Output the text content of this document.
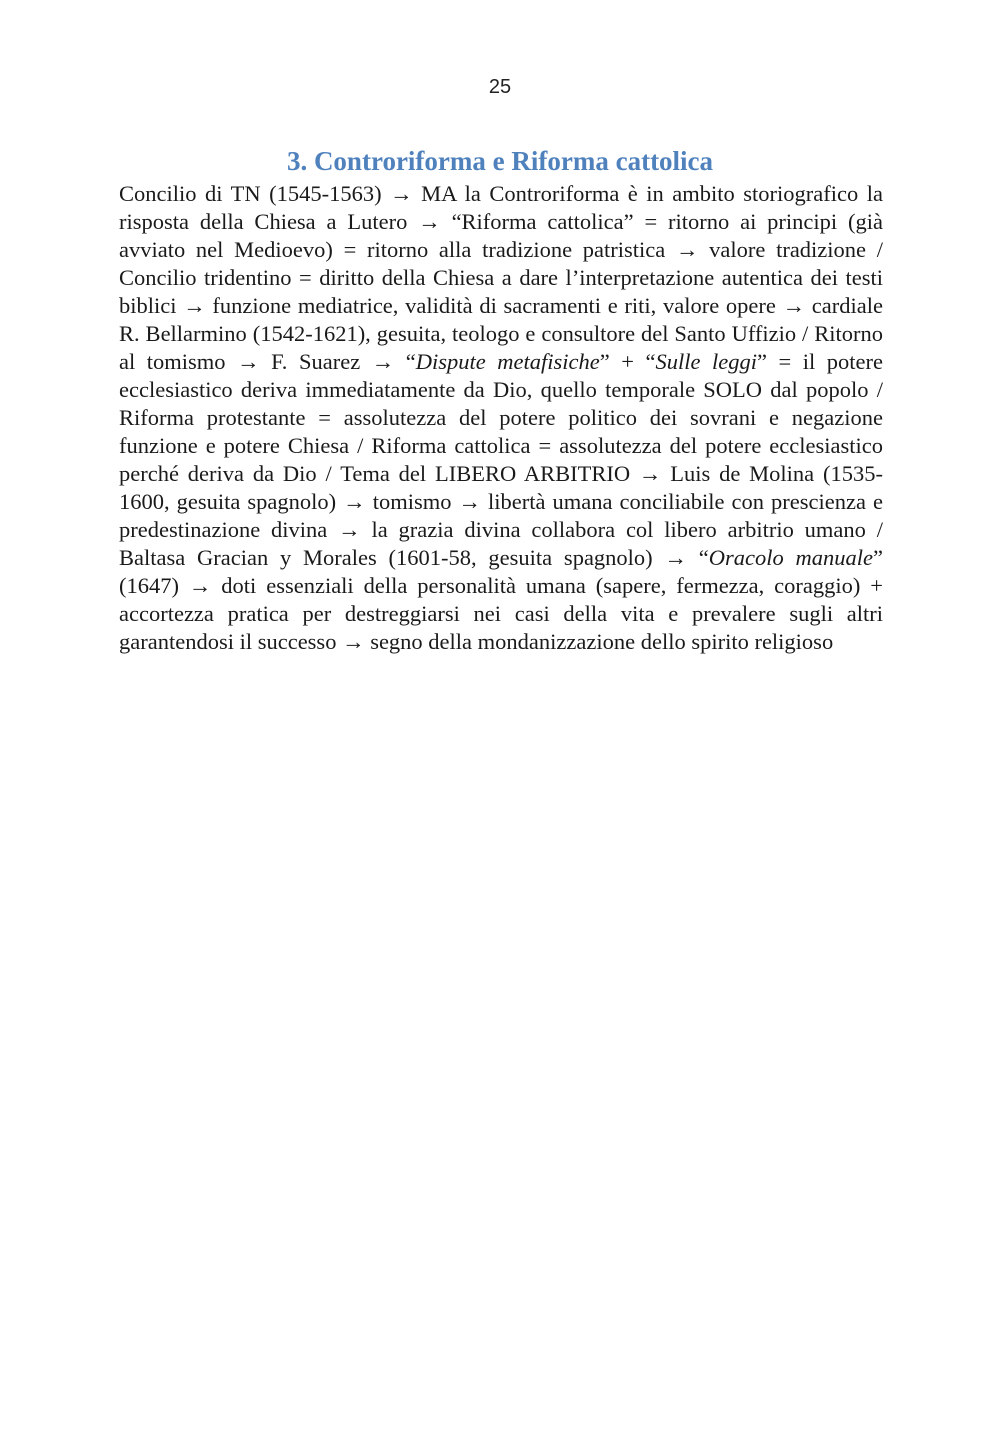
25
3. Controriforma e Riforma cattolica
Concilio di TN (1545-1563) → MA la Controriforma è in ambito storiografico la risposta della Chiesa a Lutero → “Riforma cattolica” = ritorno ai principi (già avviato nel Medioevo) = ritorno alla tradizione patristica → valore tradizione / Concilio tridentino = diritto della Chiesa a dare l’interpretazione autentica dei testi biblici → funzione mediatrice, validità di sacramenti e riti, valore opere → cardiale R. Bellarmino (1542-1621), gesuita, teologo e consultore del Santo Uffizio / Ritorno al tomismo → F. Suarez → “Dispute metafisiche” + “Sulle leggi” = il potere ecclesiastico deriva immediatamente da Dio, quello temporale SOLO dal popolo / Riforma protestante = assolutezza del potere politico dei sovrani e negazione funzione e potere Chiesa / Riforma cattolica = assolutezza del potere ecclesiastico perché deriva da Dio / Tema del LIBERO ARBITRIO → Luis de Molina (1535-1600, gesuita spagnolo) → tomismo → libertà umana conciliabile con prescienza e predestinazione divina → la grazia divina collabora col libero arbitrio umano / Baltasa Gracian y Morales (1601-58, gesuita spagnolo) → “Oracolo manuale” (1647) → doti essenziali della personalità umana (sapere, fermezza, coraggio) + accortezza pratica per destreggiarsi nei casi della vita e prevalere sugli altri garantendosi il successo → segno della mondanizzazione dello spirito religioso
